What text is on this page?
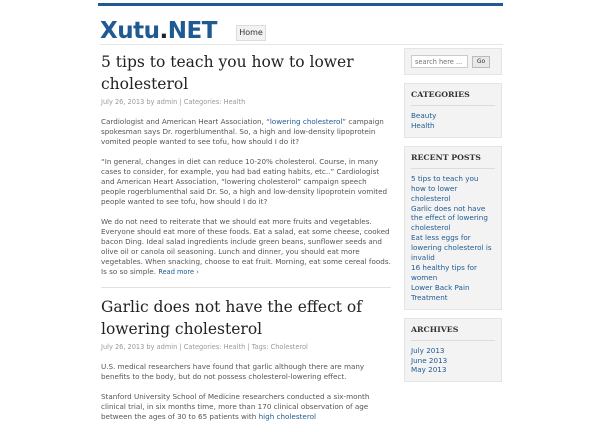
Xutu.NET	Home
5 tips to teach you how to lower cholesterol
July 26, 2013 by admin | Categories: Health

Cardiologist and American Heart Association, “lowering cholesterol” campaign spokesman says Dr. rogerblumenthal. So, a high and low-density lipoprotein vomited people wanted to see tofu, how should I do it?

“In general, changes in diet can reduce 10-20% cholesterol. Course, in many cases to consider, for example, you had bad eating habits, etc..” Cardiologist and American Heart Association, “lowering cholesterol” campaign speech people rogerblumenthal said Dr. So, a high and low-density lipoprotein vomited people wanted to see tofu, how should I do it?

We do not need to reiterate that we should eat more fruits and vegetables. Everyone should eat more of these foods. Eat a salad, eat some cheese, cooked bacon Ding. Ideal salad ingredients include green beans, sunflower seeds and olive oil or canola oil seasoning. Lunch and dinner, you should eat more vegetables. When snacking, choose to eat fruit. Morning, eat some cereal foods. Is so so simple. Read more ›

Garlic does not have the effect of lowering cholesterol
July 26, 2013 by admin | Categories: Health | Tags: Cholesterol

U.S. medical researchers have found that garlic although there are many benefits to the body, but do not possess cholesterol-lowering effect.

Stanford University School of Medicine researchers conducted a six-month clinical trial, in six months time, more than 170 clinical observation of age between the ages of 30 to 65 patients with high cholesterol

search here ...
Go
CATEGORIES
Beauty
Health
RECENT POSTS
5 tips to teach you how to lower cholesterol
Garlic does not have the effect of lowering cholesterol
Eat less eggs for lowering cholesterol is invalid
16 healthy tips for women
Lower Back Pain Treatment
ARCHIVES
July 2013
June 2013
May 2013
